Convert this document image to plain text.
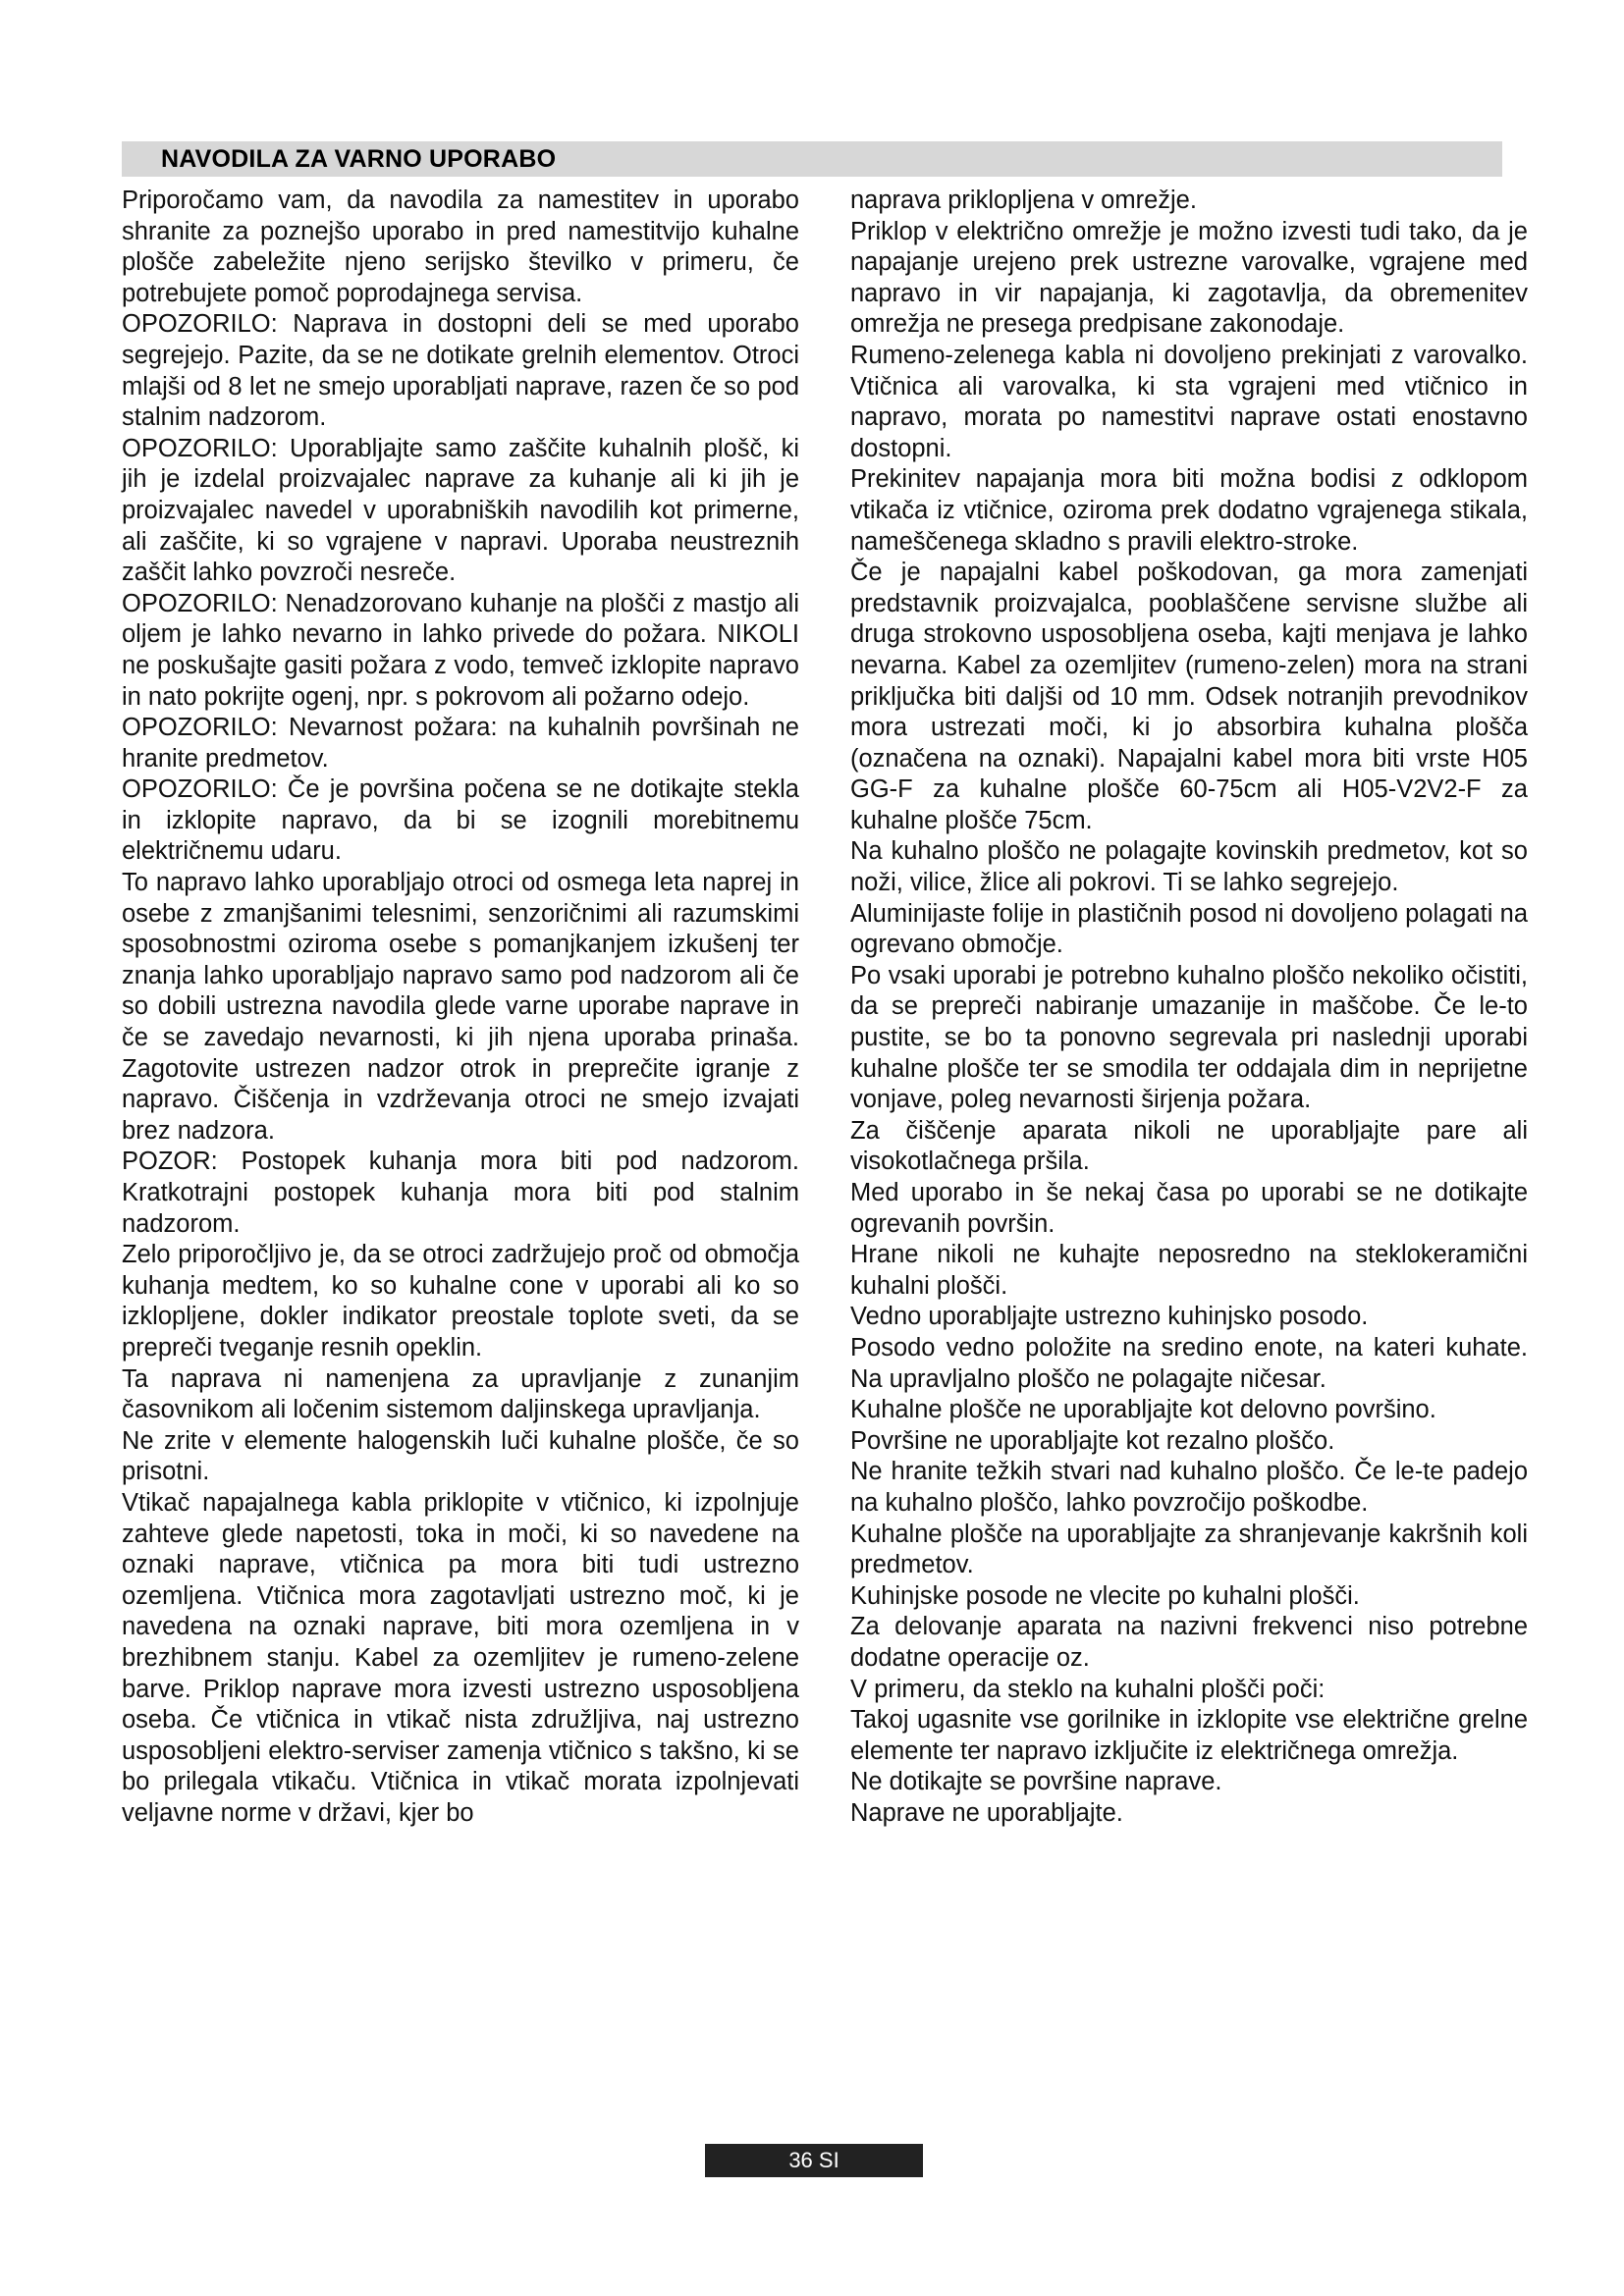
NAVODILA ZA VARNO UPORABO

Priporočamo vam, da navodila za namestitev in uporabo shranite za poznejšo uporabo in pred namestitvijo kuhalne plošče zabeležite njeno serijsko številko v primeru, če potrebujete pomoč poprodajnega servisa.

OPOZORILO: Naprava in dostopni deli se med uporabo segrejejo. Pazite, da se ne dotikate grelnih elementov. Otroci mlajši od 8 let ne smejo uporabljati naprave, razen če so pod stalnim nadzorom.

OPOZORILO: Uporabljajte samo zaščite kuhalnih plošč, ki jih je izdelal proizvajalec naprave za kuhanje ali ki jih je proizvajalec navedel v uporabniških navodilih kot primerne, ali zaščite, ki so vgrajene v napravi. Uporaba neustreznih zaščit lahko povzroči nesreče.

OPOZORILO: Nenadzorovano kuhanje na plošči z mastjo ali oljem je lahko nevarno in lahko privede do požara. NIKOLI ne poskušajte gasiti požara z vodo, temveč izklopite napravo in nato pokrijte ogenj, npr. s pokrovom ali požarno odejo.

OPOZORILO: Nevarnost požara: na kuhalnih površinah ne hranite predmetov.

OPOZORILO: Če je površina počena se ne dotikajte stekla in izklopite napravo, da bi se izognili morebitnemu električnemu udaru.

To napravo lahko uporabljajo otroci od osmega leta naprej in osebe z zmanjšanimi telesnimi, senzoričnimi ali razumskimi sposobnostmi oziroma osebe s pomanjkanjem izkušenj ter znanja lahko uporabljajo napravo samo pod nadzorom ali če so dobili ustrezna navodila glede varne uporabe naprave in če se zavedajo nevarnosti, ki jih njena uporaba prinaša. Zagotovite ustrezen nadzor otrok in preprečite igranje z napravo. Čiščenja in vzdrževanja otroci ne smejo izvajati brez nadzora.

POZOR: Postopek kuhanja mora biti pod nadzorom. Kratkotrajni postopek kuhanja mora biti pod stalnim nadzorom.

Zelo priporočljivo je, da se otroci zadržujejo proč od območja kuhanja medtem, ko so kuhalne cone v uporabi ali ko so izklopljene, dokler indikator preostale toplote sveti, da se prepreči tveganje resnih opeklin.

Ta naprava ni namenjena za upravljanje z zunanjim časovnikom ali ločenim sistemom daljinskega upravljanja.

Ne zrite v elemente halogenskih luči kuhalne plošče, če so prisotni.

Vtikač napajalnega kabla priklopite v vtičnico, ki izpolnjuje zahteve glede napetosti, toka in moči, ki so navedene na oznaki naprave, vtičnica pa mora biti tudi ustrezno ozemljena. Vtičnica mora zagotavljati ustrezno moč, ki je navedena na oznaki naprave, biti mora ozemljena in v brezhibnem stanju. Kabel za ozemljitev je rumeno-zelene barve. Priklop naprave mora izvesti ustrezno usposobljena oseba. Če vtičnica in vtikač nista združljiva, naj ustrezno usposobljeni elektro-serviser zamenja vtičnico s takšno, ki se bo prilegala vtikaču. Vtičnica in vtikač morata izpolnjevati veljavne norme v državi, kjer bo

naprava priklopljena v omrežje.

Priklop v električno omrežje je možno izvesti tudi tako, da je napajanje urejeno prek ustrezne varovalke, vgrajene med napravo in vir napajanja, ki zagotavlja, da obremenitev omrežja ne presega predpisane zakonodaje.

Rumeno-zelenega kabla ni dovoljeno prekinjati z varovalko. Vtičnica ali varovalka, ki sta vgrajeni med vtičnico in napravo, morata po namestitvi naprave ostati enostavno dostopni.

Prekinitev napajanja mora biti možna bodisi z odklopom vtikača iz vtičnice, oziroma prek dodatno vgrajenega stikala, nameščenega skladno s pravili elektro-stroke.

Če je napajalni kabel poškodovan, ga mora zamenjati predstavnik proizvajalca, pooblaščene servisne službe ali druga strokovno usposobljena oseba, kajti menjava je lahko nevarna. Kabel za ozemljitev (rumeno-zelen) mora na strani priključka biti daljši od 10 mm. Odsek notranjih prevodnikov mora ustrezati moči, ki jo absorbira kuhalna plošča (označena na oznaki). Napajalni kabel mora biti vrste H05 GG-F za kuhalne plošče 60-75cm ali H05-V2V2-F za kuhalne plošče 75cm.

Na kuhalno ploščo ne polagajte kovinskih predmetov, kot so noži, vilice, žlice ali pokrovi. Ti se lahko segrejejo.

Aluminijaste folije in plastičnih posod ni dovoljeno polagati na ogrevano območje.

Po vsaki uporabi je potrebno kuhalno ploščo nekoliko očistiti, da se prepreči nabiranje umazanije in maščobe. Če le-to pustite, se bo ta ponovno segrevala pri naslednji uporabi kuhalne plošče ter se smodila ter oddajala dim in neprijetne vonjave, poleg nevarnosti širjenja požara.

Za čiščenje aparata nikoli ne uporabljajte pare ali visokotlačnega pršila.

Med uporabo in še nekaj časa po uporabi se ne dotikajte ogrevanih površin.

Hrane nikoli ne kuhajte neposredno na steklokeramični kuhalni plošči.

Vedno uporabljajte ustrezno kuhinjsko posodo.

Posodo vedno položite na sredino enote, na kateri kuhate. Na upravljalno ploščo ne polagajte ničesar.

Kuhalne plošče ne uporabljajte kot delovno površino.

Površine ne uporabljajte kot rezalno ploščo.

Ne hranite težkih stvari nad kuhalno ploščo. Če le-te padejo na kuhalno ploščo, lahko povzročijo poškodbe.

Kuhalne plošče na uporabljajte za shranjevanje kakršnih koli predmetov.

Kuhinjske posode ne vlecite po kuhalni plošči.

Za delovanje aparata na nazivni frekvenci niso potrebne dodatne operacije oz.

V primeru, da steklo na kuhalni plošči poči:

Takoj ugasnite vse gorilnike in izklopite vse električne grelne elemente ter napravo izključite iz električnega omrežja.

Ne dotikajte se površine naprave.

Naprave ne uporabljajte.

36 SI
